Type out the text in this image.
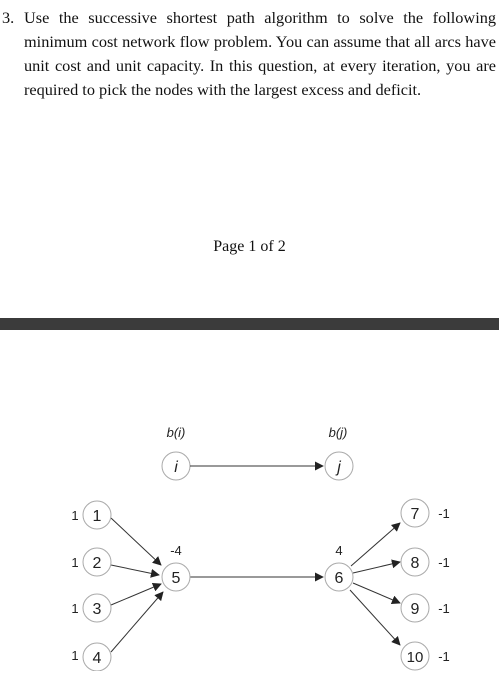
3. Use the successive shortest path algorithm to solve the following minimum cost network flow problem. You can assume that all arcs have unit cost and unit capacity. In this question, at every iteration, you are required to pick the nodes with the largest excess and deficit.
Page 1 of 2
b(i)	b(j)
i	j
1 1
1 2
1 3
1 4
-4
5
4
6
7 -1
8 -1
9 -1
10 -1
